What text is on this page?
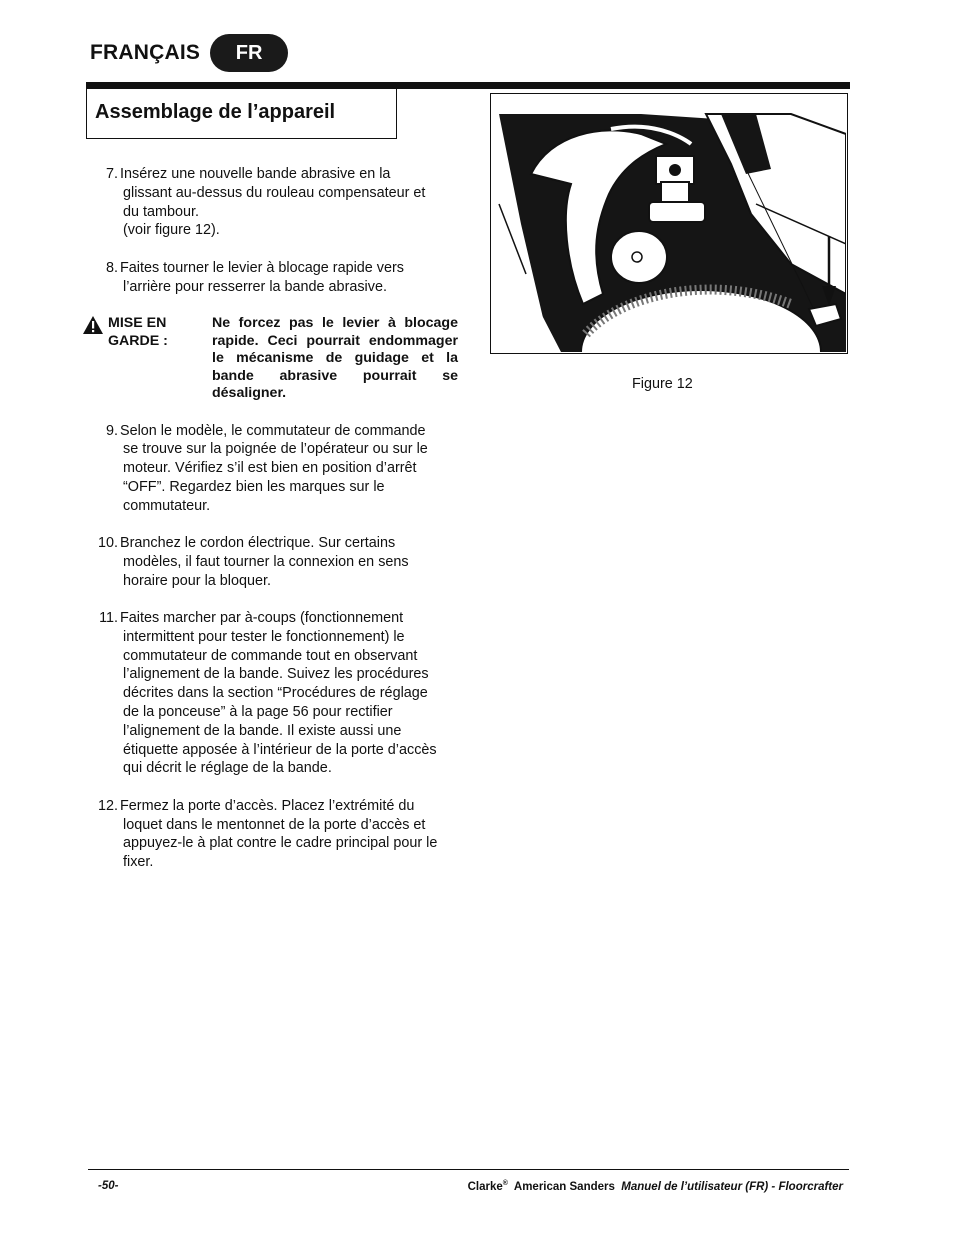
FRANÇAIS	FR
Assemblage de l’appareil
7. Insérez une nouvelle bande abrasive en la
glissant au-dessus du rouleau compensateur et
du tambour.
(voir figure 12).
8. Faites tourner le levier à blocage rapide vers
l’arrière pour resserrer la bande abrasive.
MISE EN GARDE :
Ne forcez pas le levier à blocage rapide. Ceci pourrait endommager le mécanisme de guidage et la bande abrasive pourrait se désaligner.
9. Selon le modèle, le commutateur de commande
se trouve sur la poignée de l’opérateur ou sur le
moteur. Vérifiez s’il est bien en position d’arrêt
“OFF”. Regardez bien les marques sur le
commutateur.
10. Branchez le cordon électrique. Sur certains
modèles, il faut tourner la connexion en sens
horaire pour la bloquer.
11. Faites marcher par à-coups (fonctionnement
intermittent pour tester le fonctionnement) le
commutateur de commande tout en observant
l’alignement de la bande. Suivez les procédures
décrites dans la section “Procédures de réglage
de la ponceuse” à la page 56 pour rectifier
l’alignement de la bande. Il existe aussi une
étiquette apposée à l’intérieur de la porte d’accès
qui décrit le réglage de la bande.
12. Fermez la porte d’accès. Placez l’extrémité du
loquet dans le mentonnet de la porte d’accès et
appuyez-le à plat contre le cadre principal pour le
fixer.
Figure 12
-50-	Clarke® American Sanders Manuel de l’utilisateur (FR) - Floorcrafter
